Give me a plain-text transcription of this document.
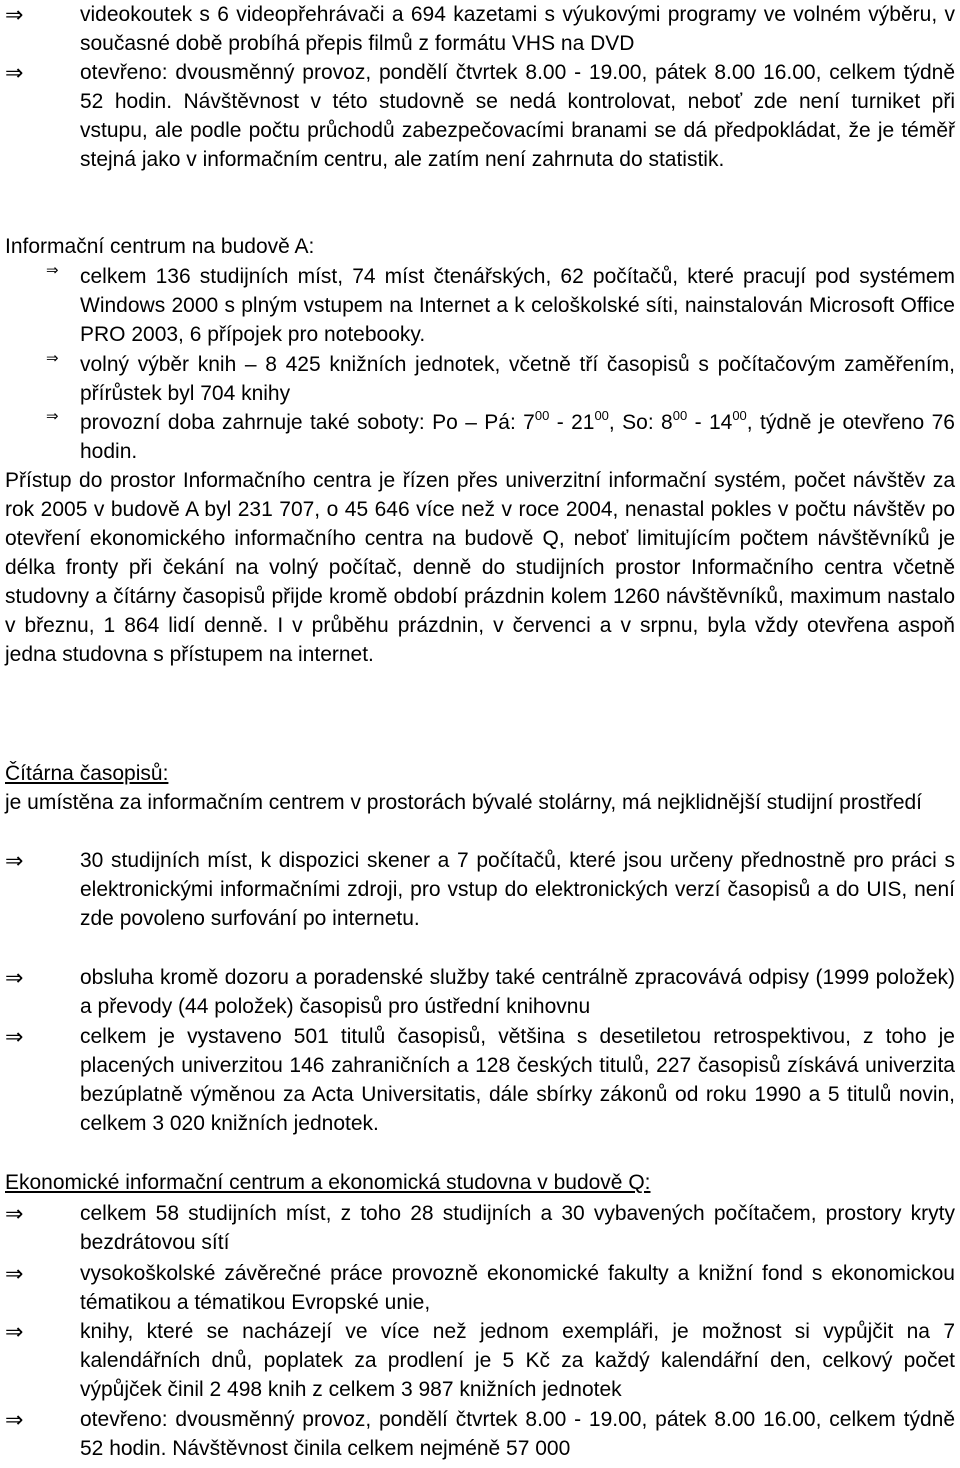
⇒	videokoutek s 6 videopřehrávači a 694 kazetami s výukovými programy ve volném výběru, v současné době probíhá přepis filmů z formátu VHS na DVD
⇒	otevřeno: dvousměnný provoz, pondělí čtvrtek 8.00 - 19.00, pátek 8.00 16.00, celkem týdně 52 hodin. Návštěvnost v této studovně se nedá kontrolovat, neboť zde není turniket při vstupu, ale podle počtu průchodů zabezpečovacími branami se dá předpokládat, že je téměř stejná jako v informačním centru, ale zatím není zahrnuta do statistik.
Informační centrum na budově A:
⇒ celkem 136 studijních míst, 74 míst čtenářských, 62 počítačů, které pracují pod systémem Windows 2000 s plným vstupem na Internet a k celoškolské síti, nainstalován Microsoft Office PRO 2003, 6 přípojek pro notebooky.
⇒ volný výběr knih – 8 425 knižních jednotek, včetně tří časopisů s počítačovým zaměřením, přírůstek byl 704 knihy
⇒ provozní doba zahrnuje také soboty: Po – Pá: $7^{00} - 21^{00}$, So: $8^{00} - 14^{00}$, týdně je otevřeno 76 hodin.
Přístup do prostor Informačního centra je řízen přes univerzitní informační systém, počet návštěv za rok 2005 v budově A byl 231 707, o 45 646 více než v roce 2004, nenastal pokles v počtu návštěv po otevření ekonomického informačního centra na budově Q, neboť limitujícím počtem návštěvníků je délka fronty při čekání na volný počítač, denně do studijních prostor Informačního centra včetně studovny a čítárny časopisů přijde kromě období prázdnin kolem 1260 návštěvníků, maximum nastalo v březnu, 1 864 lidí denně. I v průběhu prázdnin, v červenci a v srpnu, byla vždy otevřena aspoň jedna studovna s přístupem na internet.
Čítárna časopisů:
je umístěna za informačním centrem v prostorách bývalé stolárny, má nejklidnější studijní prostředí
⇒	30 studijních míst, k dispozici skener a 7 počítačů, které jsou určeny přednostně pro práci s elektronickými informačními zdroji, pro vstup do elektronických verzí časopisů a do UIS, není zde povoleno surfování po internetu.
⇒	obsluha kromě dozoru a poradenské služby také centrálně zpracovává odpisy (1999 položek) a převody (44 položek) časopisů pro ústřední knihovnu
⇒	celkem je vystaveno 501 titulů časopisů, většina s desetiletou retrospektivou, z toho je placených univerzitou 146 zahraničních a 128 českých titulů, 227 časopisů získává univerzita bezúplatně výměnou za Acta Universitatis, dále sbírky zákonů od roku 1990 a 5 titulů novin, celkem 3 020 knižních jednotek.
Ekonomické informační centrum a ekonomická studovna v budově Q:
⇒	celkem 58 studijních míst, z toho 28 studijních a 30 vybavených počítačem, prostory kryty bezdrátovou sítí
⇒	vysokoškolské závěrečné práce provozně ekonomické fakulty a knižní fond s ekonomickou tématikou a tématikou Evropské unie,
⇒	knihy, které se nacházejí ve více než jednom exempláři, je možnost si vypůjčit na 7 kalendářních dnů, poplatek za prodlení je 5 Kč za každý kalendářní den, celkový počet výpůjček činil 2 498 knih z celkem 3 987 knižních jednotek
⇒	otevřeno: dvousměnný provoz, pondělí čtvrtek 8.00 - 19.00, pátek 8.00 16.00, celkem týdně 52 hodin. Návštěvnost činila celkem nejméně 57 000
